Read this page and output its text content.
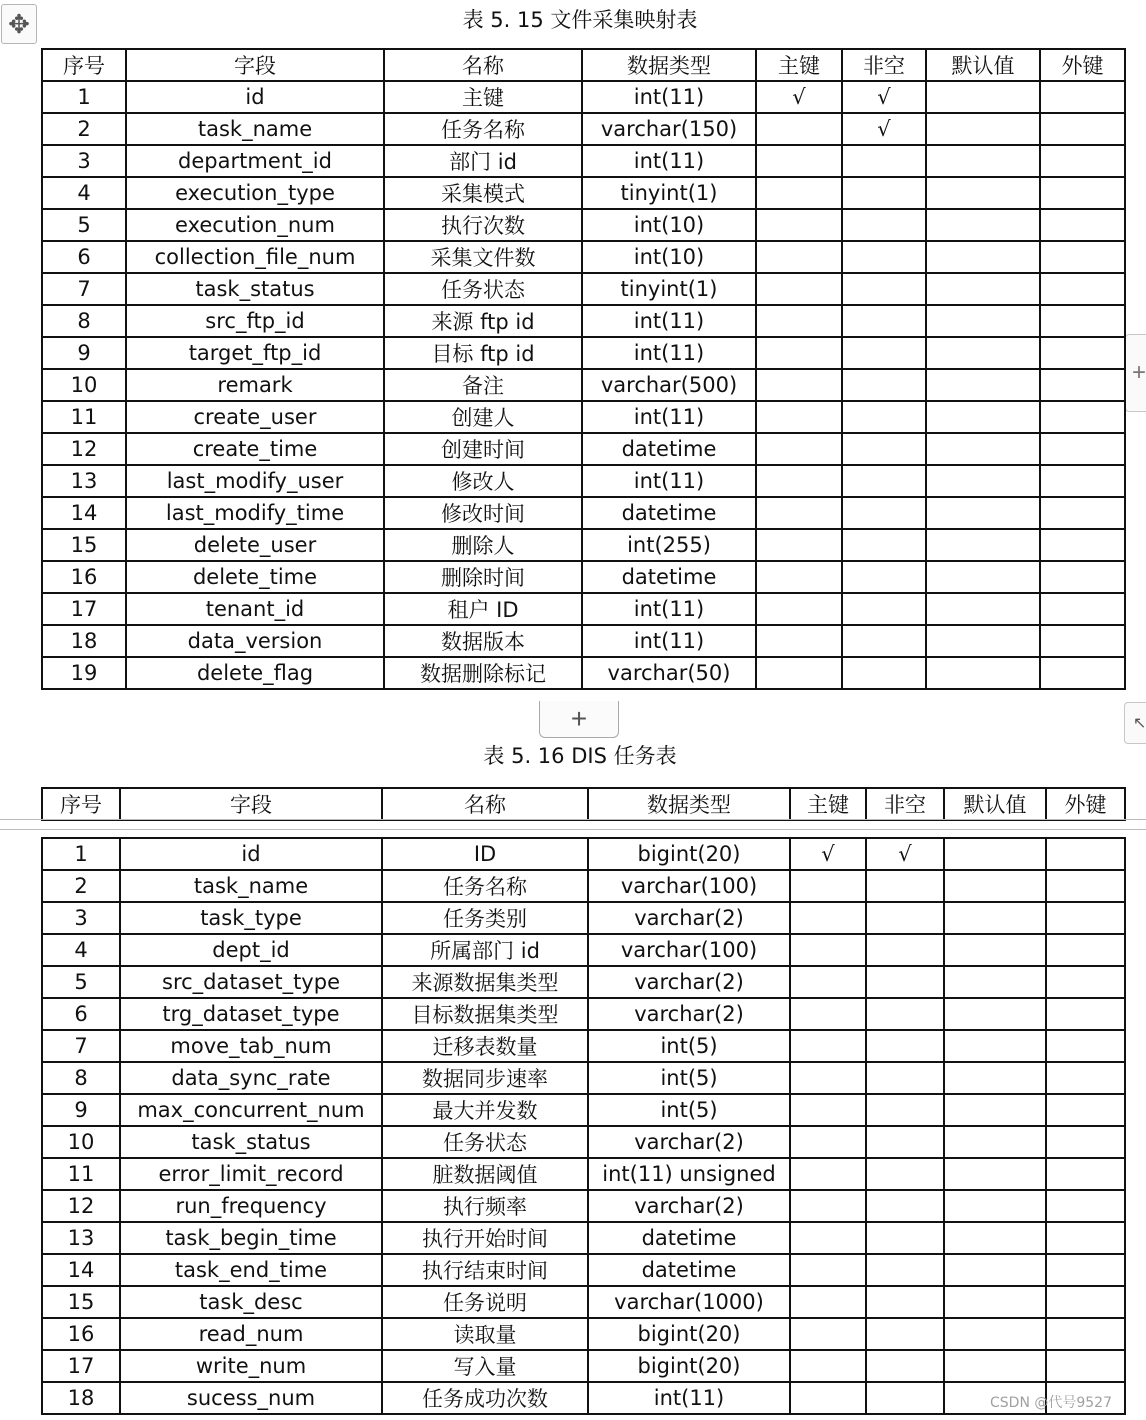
✥
+
↖
表 5. 15 文件采集映射表
序号	字段	名称	数据类型	主键	非空	默认值	外键
1	id	主键	int(11)	√	√		
2	task_name	任务名称	varchar(150)		√		
3	department_id	部门 id	int(11)				
4	execution_type	采集模式	tinyint(1)				
5	execution_num	执行次数	int(10)				
6	collection_file_num	采集文件数	int(10)				
7	task_status	任务状态	tinyint(1)				
8	src_ftp_id	来源 ftp id	int(11)				
9	target_ftp_id	目标 ftp id	int(11)				
10	remark	备注	varchar(500)				
11	create_user	创建人	int(11)				
12	create_time	创建时间	datetime				
13	last_modify_user	修改人	int(11)				
14	last_modify_time	修改时间	datetime				
15	delete_user	删除人	int(255)				
16	delete_time	删除时间	datetime				
17	tenant_id	租户 ID	int(11)				
18	data_version	数据版本	int(11)				
19	delete_flag	数据删除标记	varchar(50)				
+
表 5. 16 DIS 任务表
序号	字段	名称	数据类型	主键	非空	默认值	外键
1	id	ID	bigint(20)	√	√		
2	task_name	任务名称	varchar(100)				
3	task_type	任务类别	varchar(2)				
4	dept_id	所属部门 id	varchar(100)				
5	src_dataset_type	来源数据集类型	varchar(2)				
6	trg_dataset_type	目标数据集类型	varchar(2)				
7	move_tab_num	迁移表数量	int(5)				
8	data_sync_rate	数据同步速率	int(5)				
9	max_concurrent_num	最大并发数	int(5)				
10	task_status	任务状态	varchar(2)				
11	error_limit_record	脏数据阈值	int(11) unsigned				
12	run_frequency	执行频率	varchar(2)				
13	task_begin_time	执行开始时间	datetime				
14	task_end_time	执行结束时间	datetime				
15	task_desc	任务说明	varchar(1000)				
16	read_num	读取量	bigint(20)				
17	write_num	写入量	bigint(20)				
18	sucess_num	任务成功次数	int(11)					CSDN @代号9527
